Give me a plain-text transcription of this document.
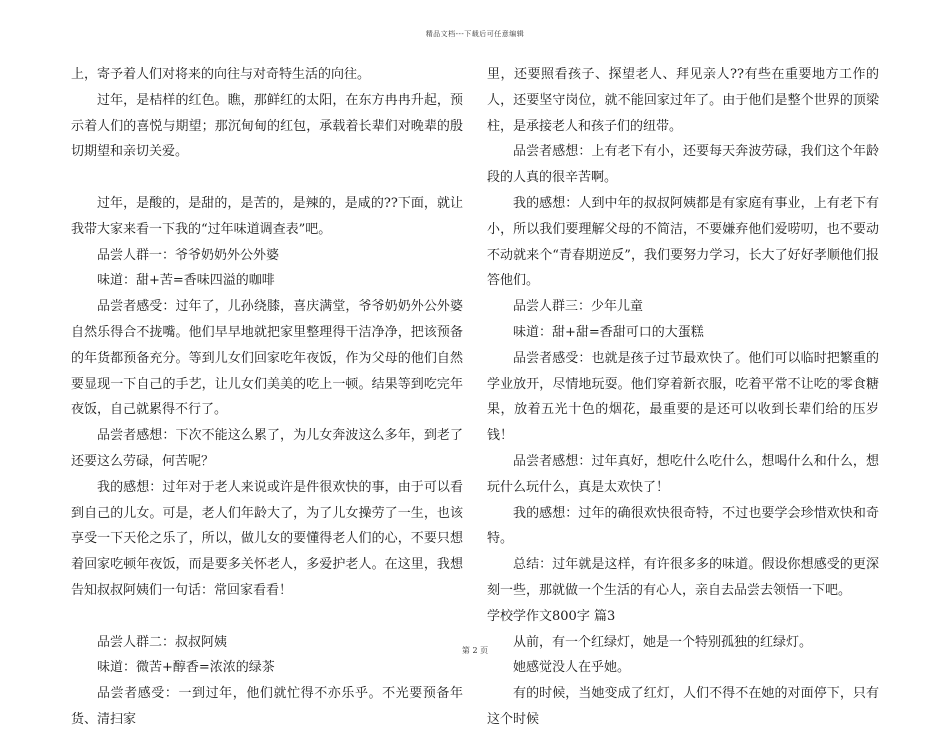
精品文档---下载后可任意编辑

上，寄予着人们对将来的向往与对奇特生活的向往。

过年，是桔样的红色。瞧，那鲜红的太阳，在东方冉冉升起，预示着人们的喜悦与期望；那沉甸甸的红包，承载着长辈们对晚辈的殷切期望和亲切关爱。

过年，是酸的，是甜的，是苦的，是辣的，是咸的??下面，就让我带大家来看一下我的“过年味道调查表”吧。

品尝人群一：爷爷奶奶外公外婆

味道：甜+苦=香味四溢的咖啡

品尝者感受：过年了，儿孙绕膝，喜庆满堂，爷爷奶奶外公外婆自然乐得合不拢嘴。他们早早地就把家里整理得干洁净净，把该预备的年货都预备充分。等到儿女们回家吃年夜饭，作为父母的他们自然要显现一下自己的手艺，让儿女们美美的吃上一顿。结果等到吃完年夜饭，自己就累得不行了。

品尝者感想：下次不能这么累了，为儿女奔波这么多年，到老了还要这么劳碌，何苦呢？

我的感想：过年对于老人来说或许是件很欢快的事，由于可以看到自己的儿女。可是，老人们年龄大了，为了儿女操劳了一生，也该享受一下天伦之乐了，所以，做儿女的要懂得老人们的心，不要只想着回家吃顿年夜饭，而是要多关怀老人，多爱护老人。在这里，我想告知叔叔阿姨们一句话：常回家看看！

品尝人群二：叔叔阿姨

味道：微苦+醇香=浓浓的绿茶

品尝者感受：一到过年，他们就忙得不亦乐乎。不光要预备年货、清扫家

里，还要照看孩子、探望老人、拜见亲人??有些在重要地方工作的人，还要坚守岗位，就不能回家过年了。由于他们是整个世界的顶梁柱，是承接老人和孩子们的纽带。

品尝者感想：上有老下有小，还要每天奔波劳碌，我们这个年龄段的人真的很辛苦啊。

我的感想：人到中年的叔叔阿姨都是有家庭有事业，上有老下有小，所以我们要理解父母的不简洁，不要嫌弃他们爱唠叨，也不要动不动就来个“青春期逆反”，我们要努力学习，长大了好好孝顺他们报答他们。

品尝人群三：少年儿童

味道：甜+甜=香甜可口的大蛋糕

品尝者感受：也就是孩子过节最欢快了。他们可以临时把繁重的学业放开，尽情地玩耍。他们穿着新衣服，吃着平常不让吃的零食糖果，放着五光十色的烟花，最重要的是还可以收到长辈们给的压岁钱！

品尝者感想：过年真好，想吃什么吃什么，想喝什么和什么，想玩什么玩什么，真是太欢快了！

我的感想：过年的确很欢快很奇特，不过也要学会珍惜欢快和奇特。

总结：过年就是这样，有许很多多的味道。假设你想感受的更深刻一些，那就做一个生活的有心人，亲自去品尝去领悟一下吧。

学校学作文800字 篇3

从前，有一个红绿灯，她是一个特别孤独的红绿灯。

她感觉没人在乎她。

有的时候，当她变成了红灯，人们不得不在她的对面停下，只有这个时候

第 2 页
